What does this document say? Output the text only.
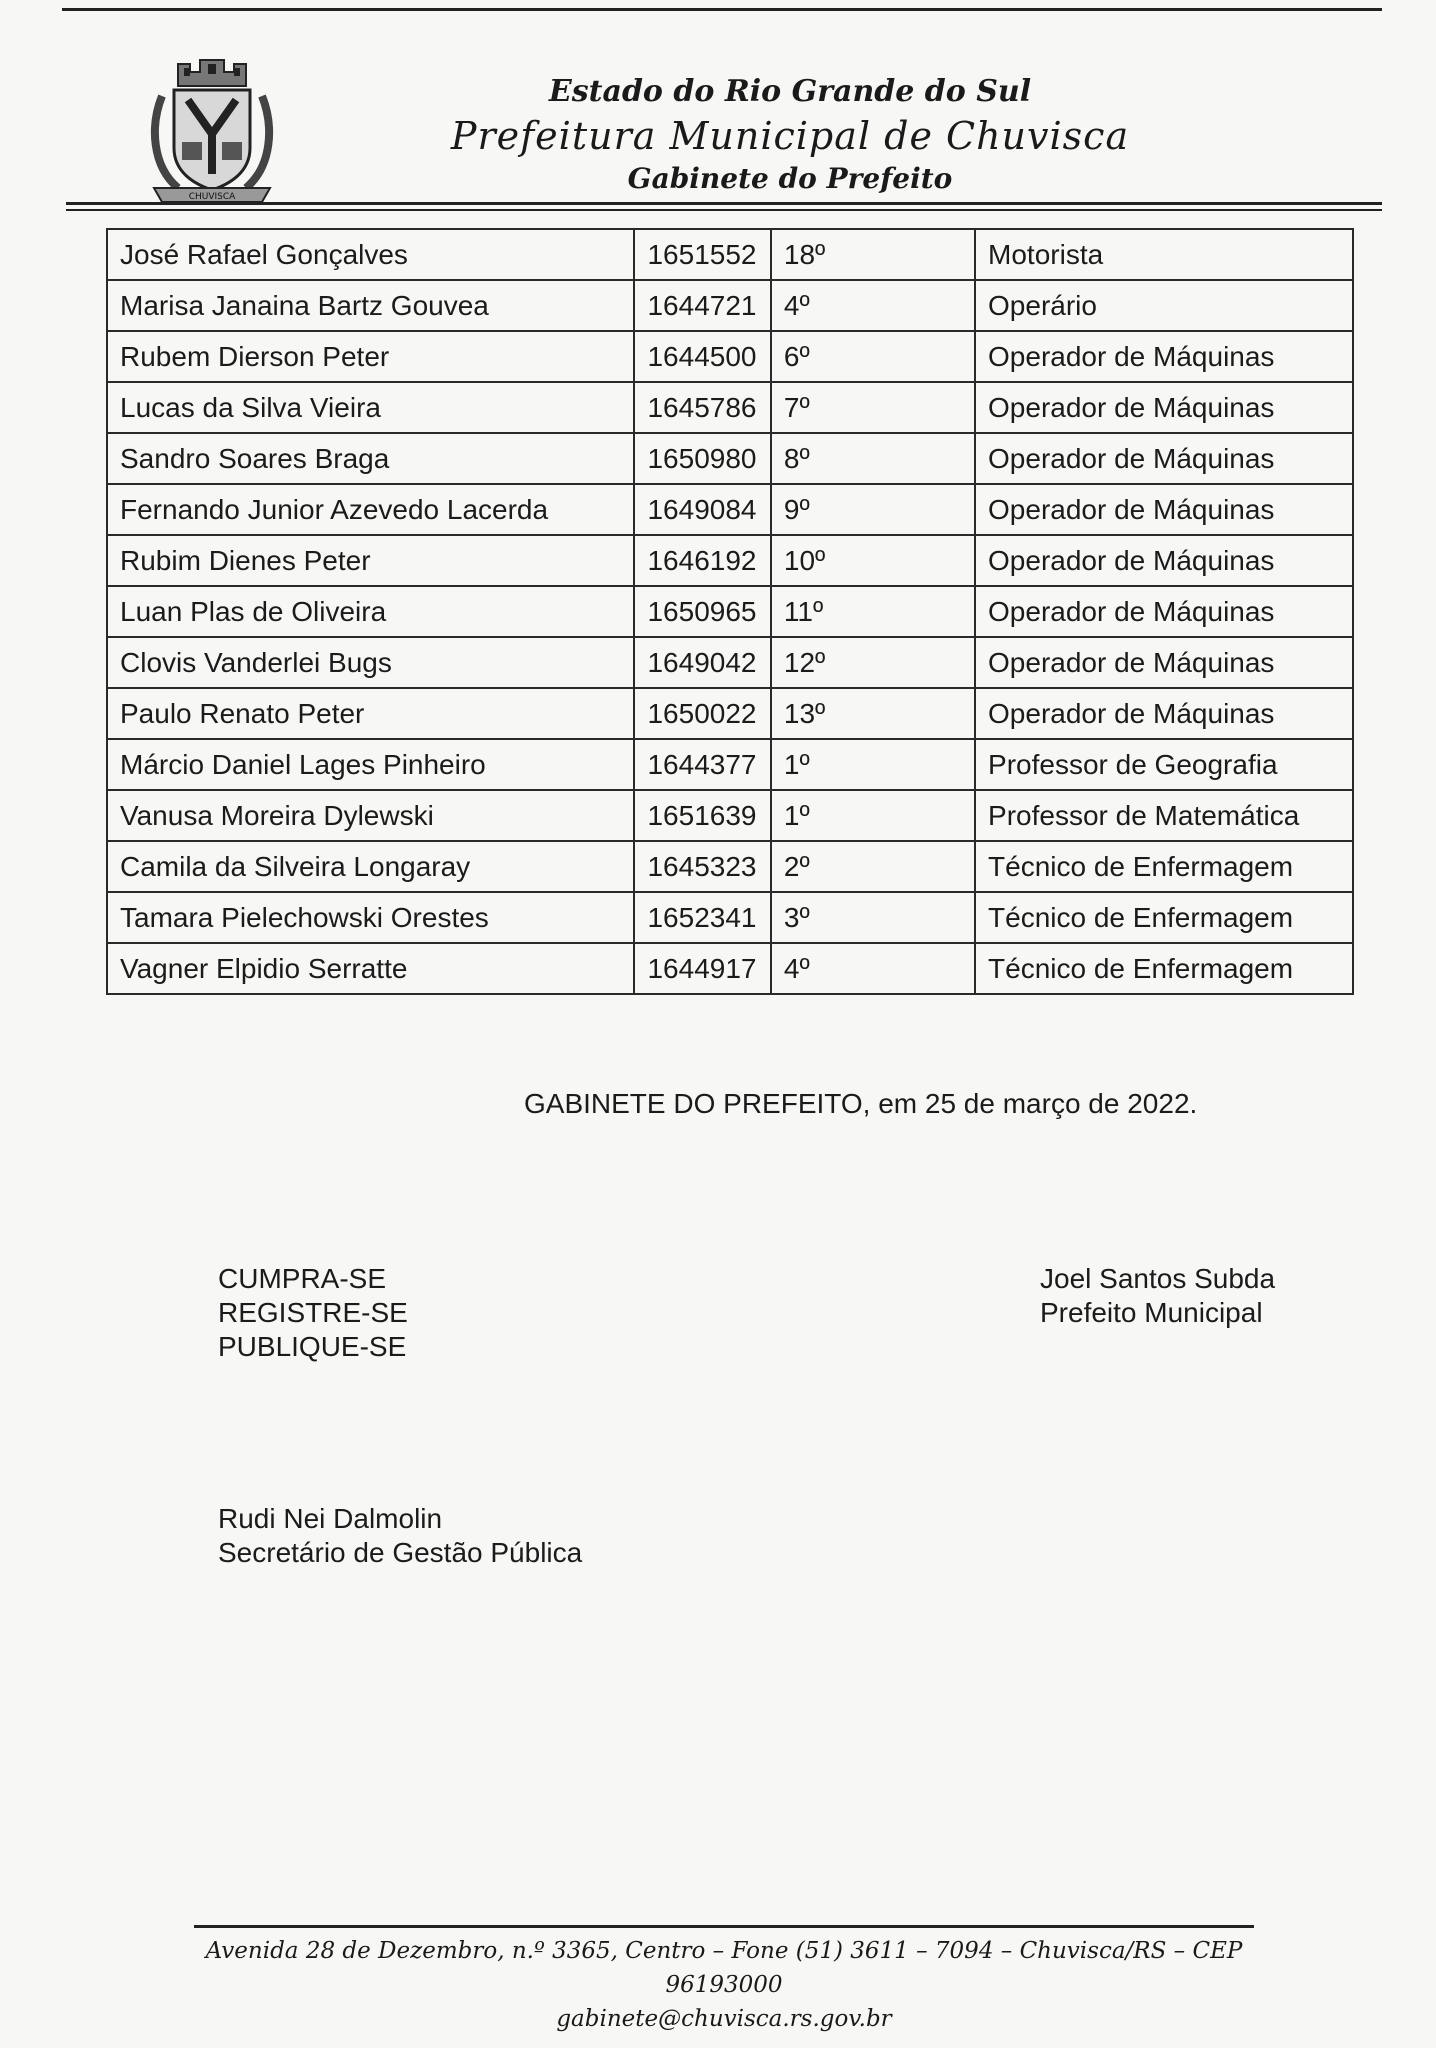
CHUVISCA
Estado do Rio Grande do Sul
Prefeitura Municipal de Chuvisca
Gabinete do Prefeito
José Rafael Gonçalves	1651552	18º	Motorista
Marisa Janaina Bartz Gouvea	1644721	4º	Operário
Rubem Dierson Peter	1644500	6º	Operador de Máquinas
Lucas da Silva Vieira	1645786	7º	Operador de Máquinas
Sandro Soares Braga	1650980	8º	Operador de Máquinas
Fernando Junior Azevedo Lacerda	1649084	9º	Operador de Máquinas
Rubim Dienes Peter	1646192	10º	Operador de Máquinas
Luan Plas de Oliveira	1650965	11º	Operador de Máquinas
Clovis Vanderlei Bugs	1649042	12º	Operador de Máquinas
Paulo Renato Peter	1650022	13º	Operador de Máquinas
Márcio Daniel Lages Pinheiro	1644377	1º	Professor de Geografia
Vanusa Moreira Dylewski	1651639	1º	Professor de Matemática
Camila da Silveira Longaray	1645323	2º	Técnico de Enfermagem
Tamara Pielechowski Orestes	1652341	3º	Técnico de Enfermagem
Vagner Elpidio Serratte	1644917	4º	Técnico de Enfermagem
GABINETE DO PREFEITO, em 25 de março de 2022.
CUMPRA-SE
REGISTRE-SE
PUBLIQUE-SE
Joel Santos Subda
Prefeito Municipal
Rudi Nei Dalmolin
Secretário de Gestão Pública
Avenida 28 de Dezembro, n.º 3365, Centro – Fone (51) 3611 – 7094 – Chuvisca/RS – CEP
96193000
gabinete@chuvisca.rs.gov.br
